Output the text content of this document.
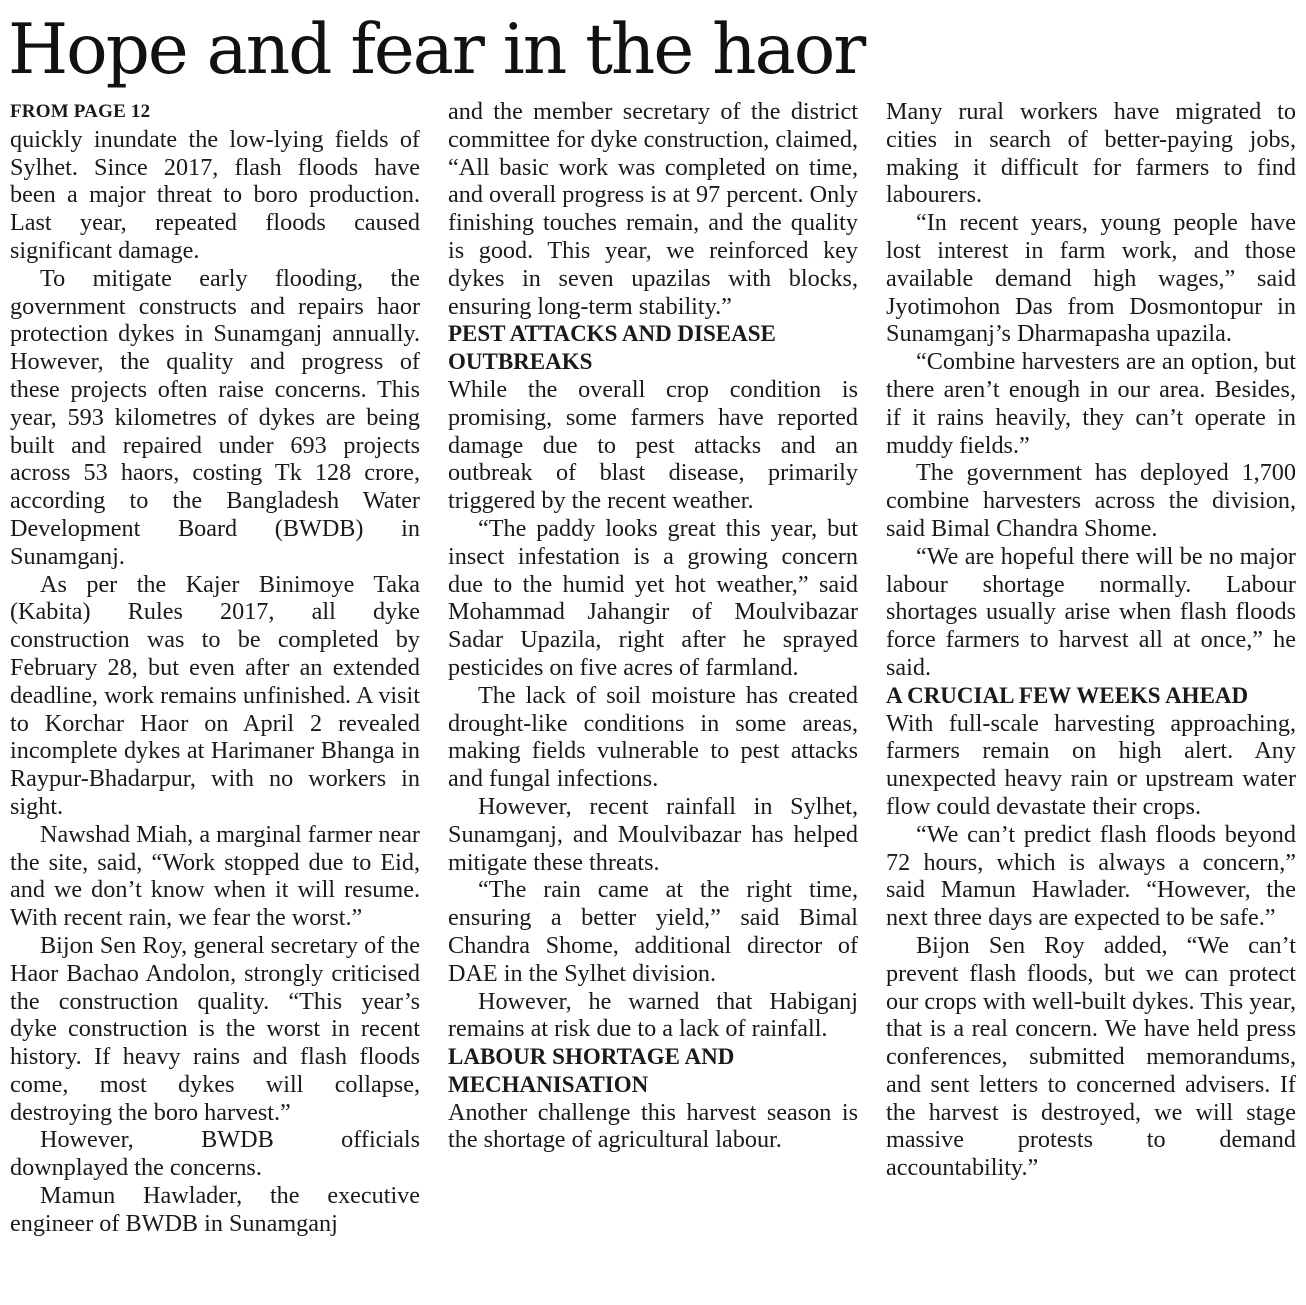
Hope and fear in the haor
FROM PAGE 12

quickly inundate the low-lying fields of Sylhet. Since 2017, flash floods have been a major threat to boro production. Last year, repeated floods caused significant damage.

To mitigate early flooding, the government constructs and repairs haor protection dykes in Sunamganj annually. However, the quality and progress of these projects often raise concerns. This year, 593 kilometres of dykes are being built and repaired under 693 projects across 53 haors, costing Tk 128 crore, according to the Bangladesh Water Development Board (BWDB) in Sunamganj.

As per the Kajer Binimoye Taka (Kabita) Rules 2017, all dyke construction was to be completed by February 28, but even after an extended deadline, work remains unfinished. A visit to Korchar Haor on April 2 revealed incomplete dykes at Harimaner Bhanga in Raypur-Bhadarpur, with no workers in sight.

Nawshad Miah, a marginal farmer near the site, said, “Work stopped due to Eid, and we don’t know when it will resume. With recent rain, we fear the worst.”

Bijon Sen Roy, general secretary of the Haor Bachao Andolon, strongly criticised the construction quality. “This year’s dyke construction is the worst in recent history. If heavy rains and flash floods come, most dykes will collapse, destroying the boro harvest.”

However, BWDB officials downplayed the concerns.

Mamun Hawlader, the executive engineer of BWDB in Sunamganj

and the member secretary of the district committee for dyke construction, claimed, “All basic work was completed on time, and overall progress is at 97 percent. Only finishing touches remain, and the quality is good. This year, we reinforced key dykes in seven upazilas with blocks, ensuring long-term stability.”

PEST ATTACKS AND DISEASE OUTBREAKS

While the overall crop condition is promising, some farmers have reported damage due to pest attacks and an outbreak of blast disease, primarily triggered by the recent weather.

“The paddy looks great this year, but insect infestation is a growing concern due to the humid yet hot weather,” said Mohammad Jahangir of Moulvibazar Sadar Upazila, right after he sprayed pesticides on five acres of farmland.

The lack of soil moisture has created drought-like conditions in some areas, making fields vulnerable to pest attacks and fungal infections.

However, recent rainfall in Sylhet, Sunamganj, and Moulvibazar has helped mitigate these threats.

“The rain came at the right time, ensuring a better yield,” said Bimal Chandra Shome, additional director of DAE in the Sylhet division.

However, he warned that Habiganj remains at risk due to a lack of rainfall.

LABOUR SHORTAGE AND MECHANISATION

Another challenge this harvest season is the shortage of agricultural labour.

Many rural workers have migrated to cities in search of better-paying jobs, making it difficult for farmers to find labourers.

“In recent years, young people have lost interest in farm work, and those available demand high wages,” said Jyotimohon Das from Dosmontopur in Sunamganj’s Dharmapasha upazila.

“Combine harvesters are an option, but there aren’t enough in our area. Besides, if it rains heavily, they can’t operate in muddy fields.”

The government has deployed 1,700 combine harvesters across the division, said Bimal Chandra Shome.

“We are hopeful there will be no major labour shortage normally. Labour shortages usually arise when flash floods force farmers to harvest all at once,” he said.

A CRUCIAL FEW WEEKS AHEAD

With full-scale harvesting approaching, farmers remain on high alert. Any unexpected heavy rain or upstream water flow could devastate their crops.

“We can’t predict flash floods beyond 72 hours, which is always a concern,” said Mamun Hawlader. “However, the next three days are expected to be safe.”

Bijon Sen Roy added, “We can’t prevent flash floods, but we can protect our crops with well-built dykes. This year, that is a real concern. We have held press conferences, submitted memorandums, and sent letters to concerned advisers. If the harvest is destroyed, we will stage massive protests to demand accountability.”
